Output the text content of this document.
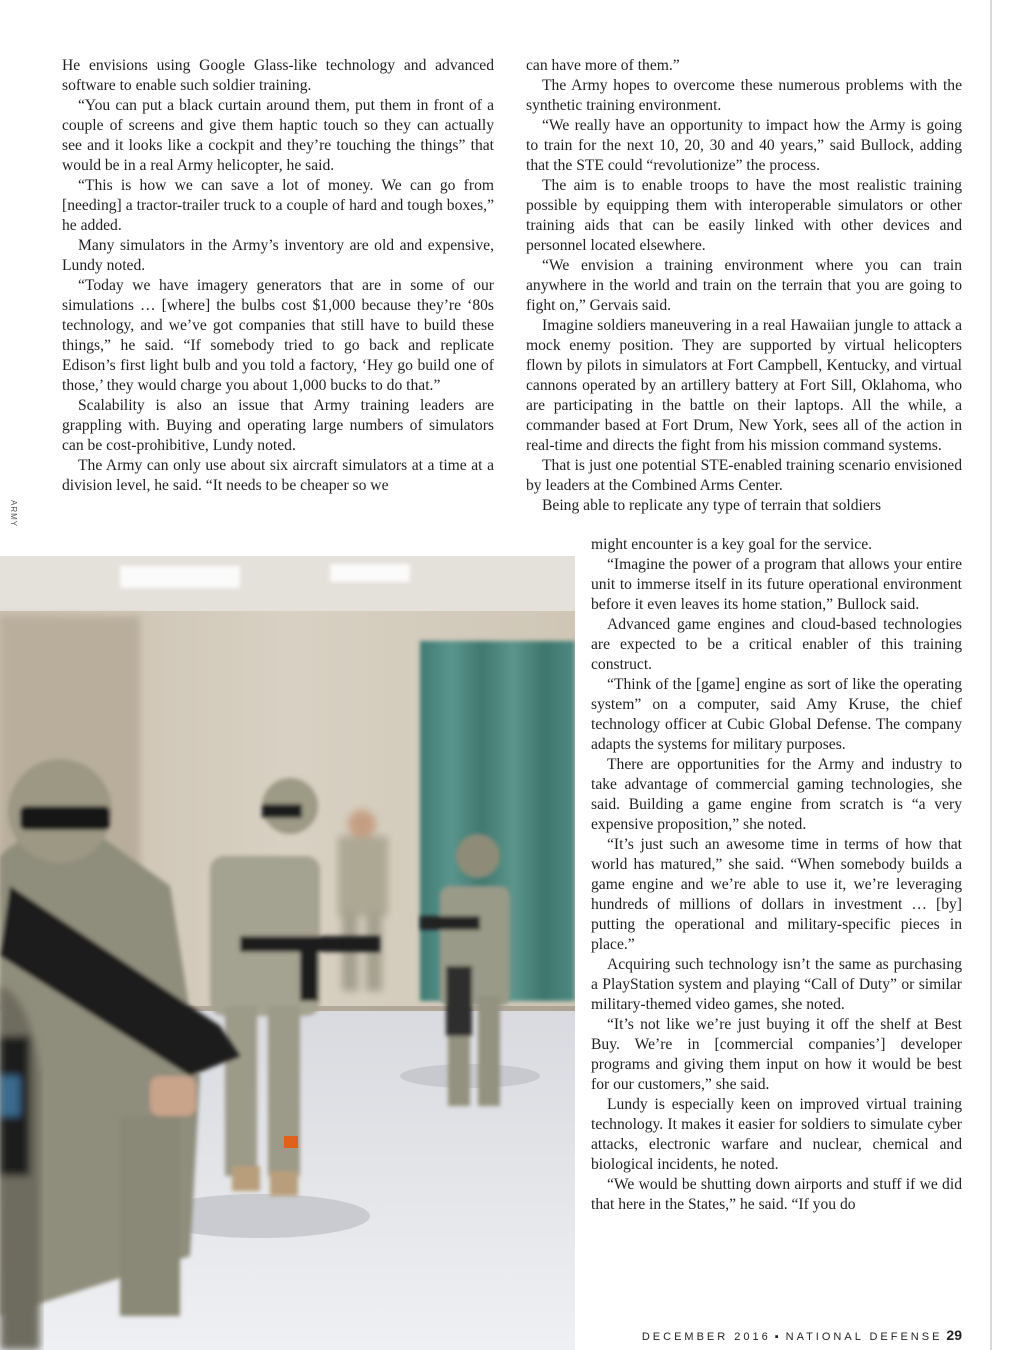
He envisions using Google Glass-like technology and advanced software to enable such soldier training.

“You can put a black curtain around them, put them in front of a couple of screens and give them haptic touch so they can actually see and it looks like a cockpit and they’re touching the things” that would be in a real Army helicopter, he said.

“This is how we can save a lot of money. We can go from [needing] a tractor-trailer truck to a couple of hard and tough boxes,” he added.

Many simulators in the Army’s inventory are old and expensive, Lundy noted.

“Today we have imagery generators that are in some of our simulations … [where] the bulbs cost $1,000 because they’re ‘80s technology, and we’ve got companies that still have to build these things,” he said. “If somebody tried to go back and replicate Edison’s first light bulb and you told a factory, ‘Hey go build one of those,’ they would charge you about 1,000 bucks to do that.”

Scalability is also an issue that Army training leaders are grappling with. Buying and operating large numbers of simulators can be cost-prohibitive, Lundy noted.

The Army can only use about six aircraft simulators at a time at a division level, he said. “It needs to be cheaper so we

can have more of them.”

The Army hopes to overcome these numerous problems with the synthetic training environment.

“We really have an opportunity to impact how the Army is going to train for the next 10, 20, 30 and 40 years,” said Bullock, adding that the STE could “revolutionize” the process.

The aim is to enable troops to have the most realistic training possible by equipping them with interoperable simulators or other training aids that can be easily linked with other devices and personnel located elsewhere.

“We envision a training environment where you can train anywhere in the world and train on the terrain that you are going to fight on,” Gervais said.

Imagine soldiers maneuvering in a real Hawaiian jungle to attack a mock enemy position. They are supported by virtual helicopters flown by pilots in simulators at Fort Campbell, Kentucky, and virtual cannons operated by an artillery battery at Fort Sill, Oklahoma, who are participating in the battle on their laptops. All the while, a commander based at Fort Drum, New York, sees all of the action in real-time and directs the fight from his mission command systems.

That is just one potential STE-enabled training scenario envisioned by leaders at the Combined Arms Center.

Being able to replicate any type of terrain that soldiers

might encounter is a key goal for the service.

“Imagine the power of a program that allows your entire unit to immerse itself in its future operational environment before it even leaves its home station,” Bullock said.

Advanced game engines and cloud-based technologies are expected to be a critical enabler of this training construct.

“Think of the [game] engine as sort of like the operating system” on a computer, said Amy Kruse, the chief technology officer at Cubic Global Defense. The company adapts the systems for military purposes.

There are opportunities for the Army and industry to take advantage of commercial gaming technologies, she said. Building a game engine from scratch is “a very expensive proposition,” she noted.

“It’s just such an awesome time in terms of how that world has matured,” she said. “When somebody builds a game engine and we’re able to use it, we’re leveraging hundreds of millions of dollars in investment … [by] putting the operational and military-specific pieces in place.”

Acquiring such technology isn’t the same as purchasing a PlayStation system and playing “Call of Duty” or similar military-themed video games, she noted.

“It’s not like we’re just buying it off the shelf at Best Buy. We’re in [commercial companies’] developer programs and giving them input on how it would be best for our customers,” she said.

Lundy is especially keen on improved virtual training technology. It makes it easier for soldiers to simulate cyber attacks, electronic warfare and nuclear, chemical and biological incidents, he noted.

“We would be shutting down airports and stuff if we did that here in the States,” he said. “If you do

ARMY
DECEMBER 2016 ▪ NATIONAL DEFENSE 29
